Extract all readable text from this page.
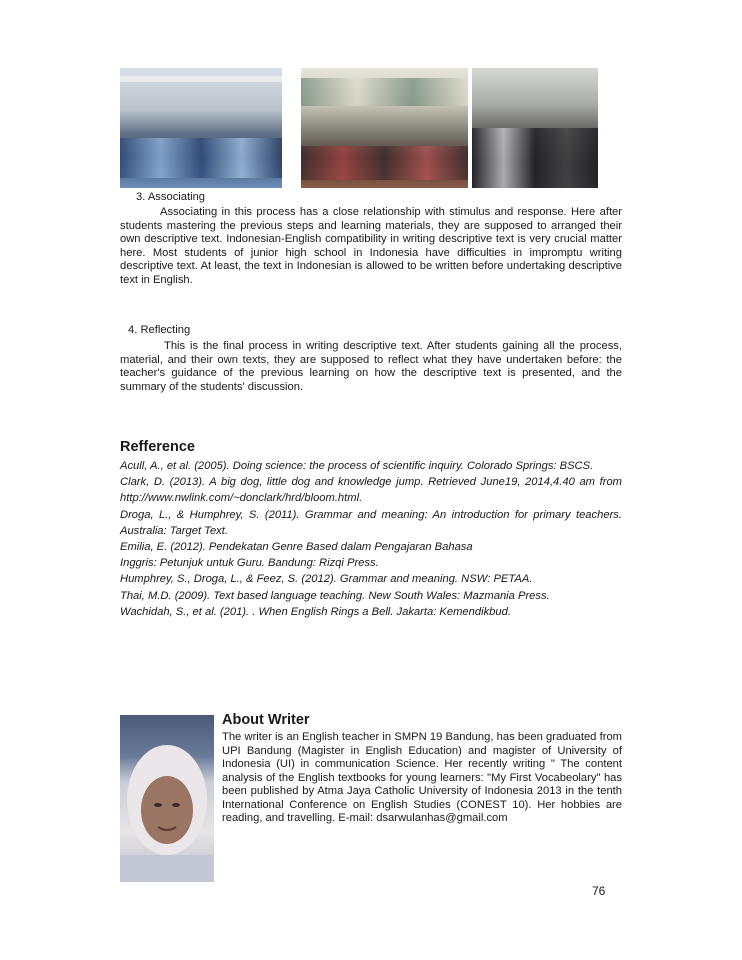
3. Associating
Associating in this process has a close relationship with stimulus and response. Here after students mastering the previous steps and learning materials, they are supposed to arranged their own descriptive text. Indonesian-English compatibility in writing descriptive text is very crucial matter here. Most students of junior high school in Indonesia have difficulties in impromptu writing descriptive text. At least, the text in Indonesian is allowed to be written before undertaking descriptive text in English.
4. Reflecting
This is the final process in writing descriptive text. After students gaining all the process, material, and their own texts, they are supposed to reflect what they have undertaken before: the teacher's guidance of the previous learning on how the descriptive text is presented, and the summary of the students' discussion.
Refference

Acull, A., et al. (2005). Doing science: the process of scientific inquiry. Colorado Springs: BSCS.

Clark, D. (2013). A big dog, little dog and knowledge jump. Retrieved June19, 2014,4.40 am from http://www.nwlink.com/~donclark/hrd/bloom.html.

Droga, L., & Humphrey, S. (2011). Grammar and meaning: An introduction for primary teachers. Australia: Target Text.

Emilia, E. (2012). Pendekatan Genre Based dalam Pengajaran Bahasa

Inggris: Petunjuk untuk Guru. Bandung: Rizqi Press.

Humphrey, S., Droga, L., & Feez, S. (2012). Grammar and meaning. NSW: PETAA.

Thai, M.D. (2009). Text based language teaching. New South Wales: Mazmania Press.

Wachidah, S., et al. (201). . When English Rings a Bell. Jakarta: Kemendikbud.

About Writer
The writer is an English teacher in SMPN 19 Bandung, has been graduated from UPI Bandung (Magister in English Education) and magister of University of Indonesia (UI) in communication Science. Her recently writing " The content analysis of the English textbooks for young learners: "My First Vocabeolary" has been published by Atma Jaya Catholic University of Indonesia 2013 in the tenth International Conference on English Studies (CONEST 10). Her hobbies are reading, and travelling. E-mail: dsarwulanhas@gmail.com
76
